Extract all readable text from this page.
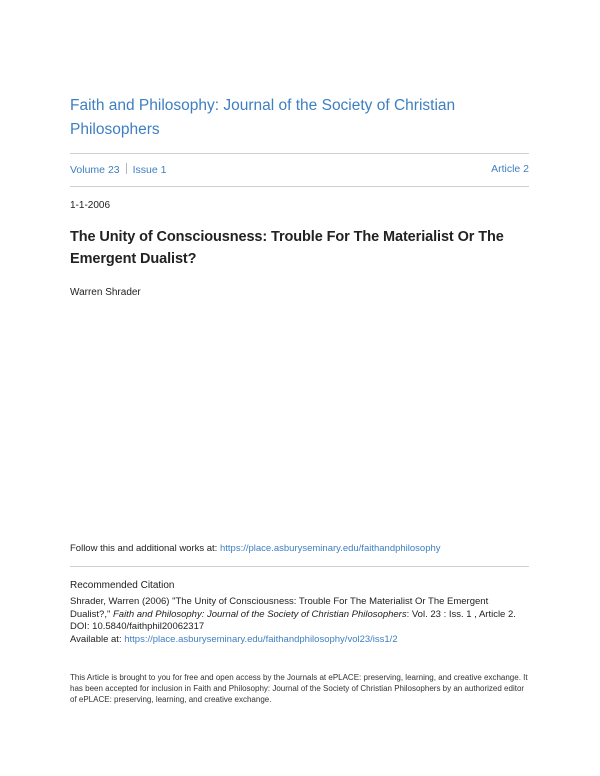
Faith and Philosophy: Journal of the Society of Christian Philosophers
Volume 23 Issue 1	Article 2
1-1-2006
The Unity of Consciousness: Trouble For The Materialist Or The Emergent Dualist?
Warren Shrader
Follow this and additional works at: https://place.asburyseminary.edu/faithandphilosophy
Recommended Citation
Shrader, Warren (2006) "The Unity of Consciousness: Trouble For The Materialist Or The Emergent Dualist?," Faith and Philosophy: Journal of the Society of Christian Philosophers: Vol. 23 : Iss. 1 , Article 2.
DOI: 10.5840/faithphil20062317
Available at: https://place.asburyseminary.edu/faithandphilosophy/vol23/iss1/2
This Article is brought to you for free and open access by the Journals at ePLACE: preserving, learning, and creative exchange. It has been accepted for inclusion in Faith and Philosophy: Journal of the Society of Christian Philosophers by an authorized editor of ePLACE: preserving, learning, and creative exchange.
